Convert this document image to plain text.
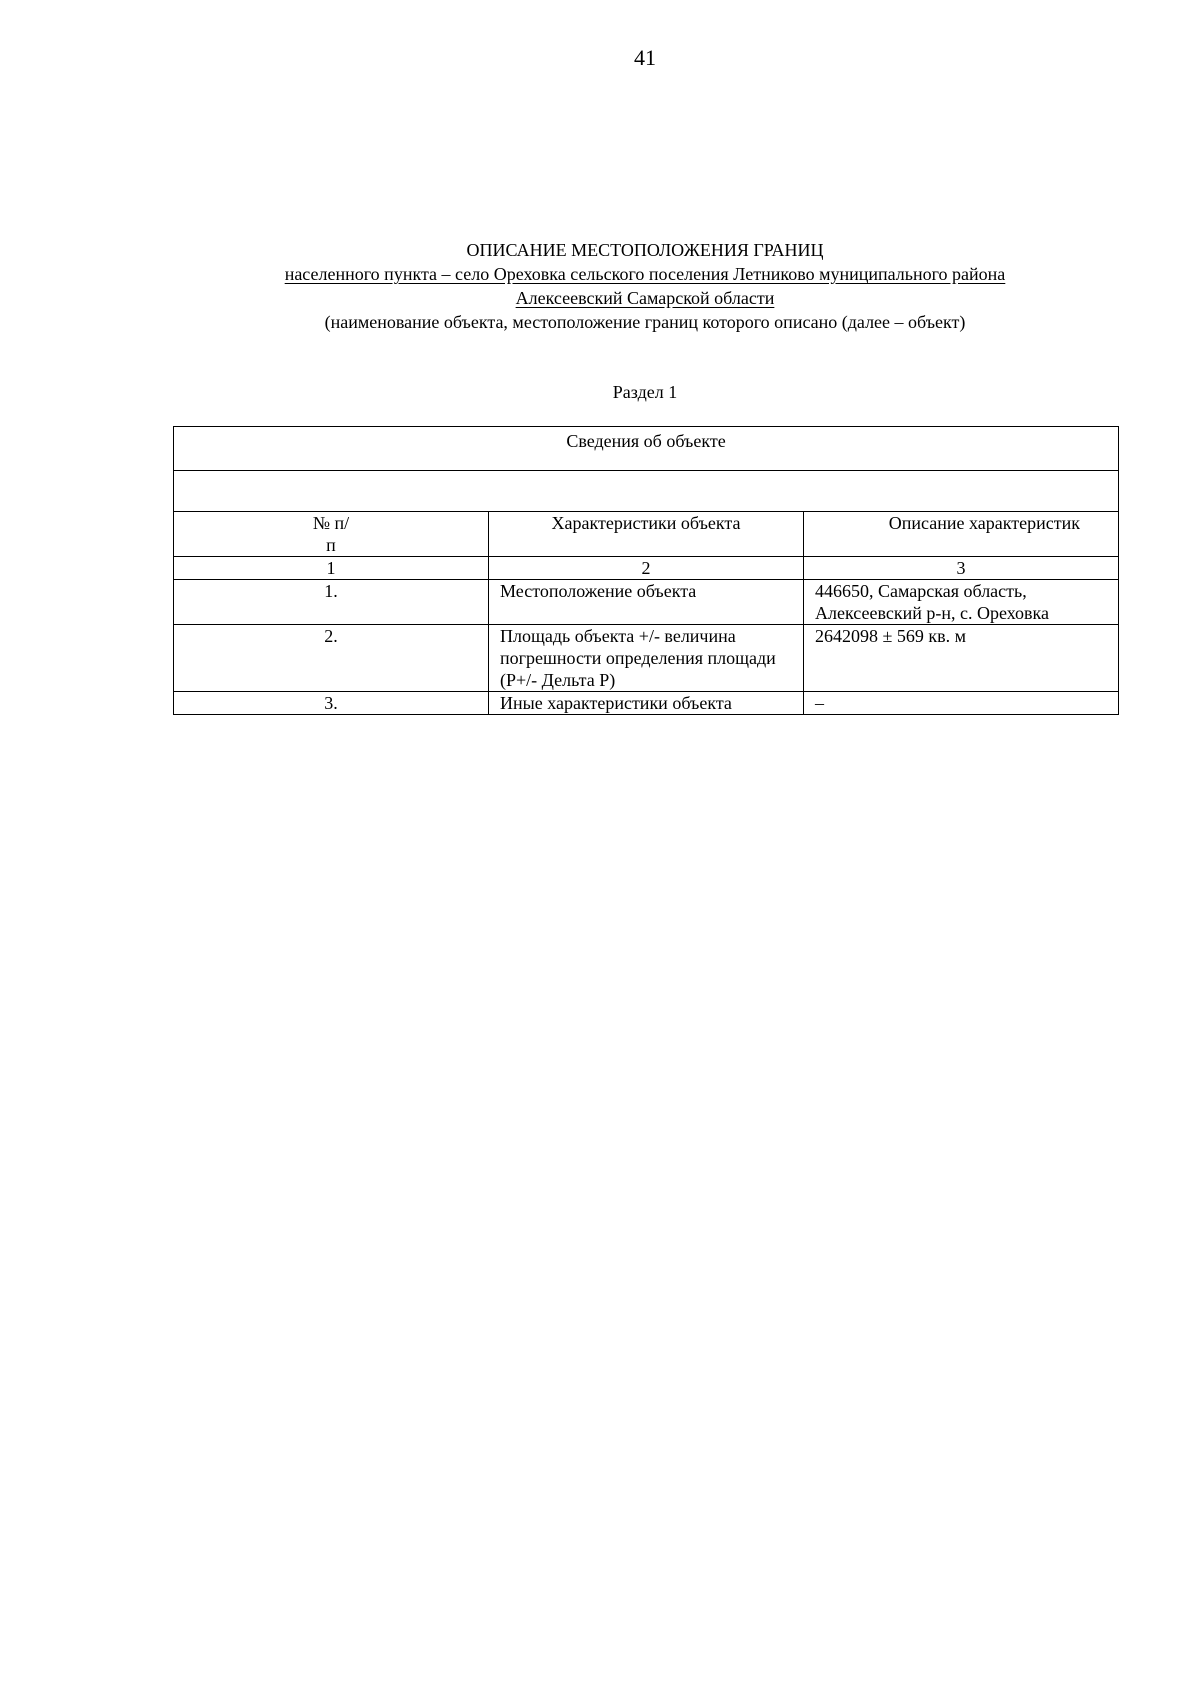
41
ОПИСАНИЕ МЕСТОПОЛОЖЕНИЯ ГРАНИЦ
населенного пункта – село Ореховка сельского поселения Летниково муниципального района
Алексеевский Самарской области
(наименование объекта, местоположение границ которого описано (далее – объект)
Раздел 1
Сведения об объекте		

№ п/п	Характеристики объекта	Описание характеристик
1	2	3
1.	Местоположение объекта	446650, Самарская область, Алексеевский р-н, с. Ореховка
2.	Площадь объекта +/- величина погрешности определения площади (Р+/- Дельта Р)	2642098 ± 569 кв. м
3.	Иные характеристики объекта	–
